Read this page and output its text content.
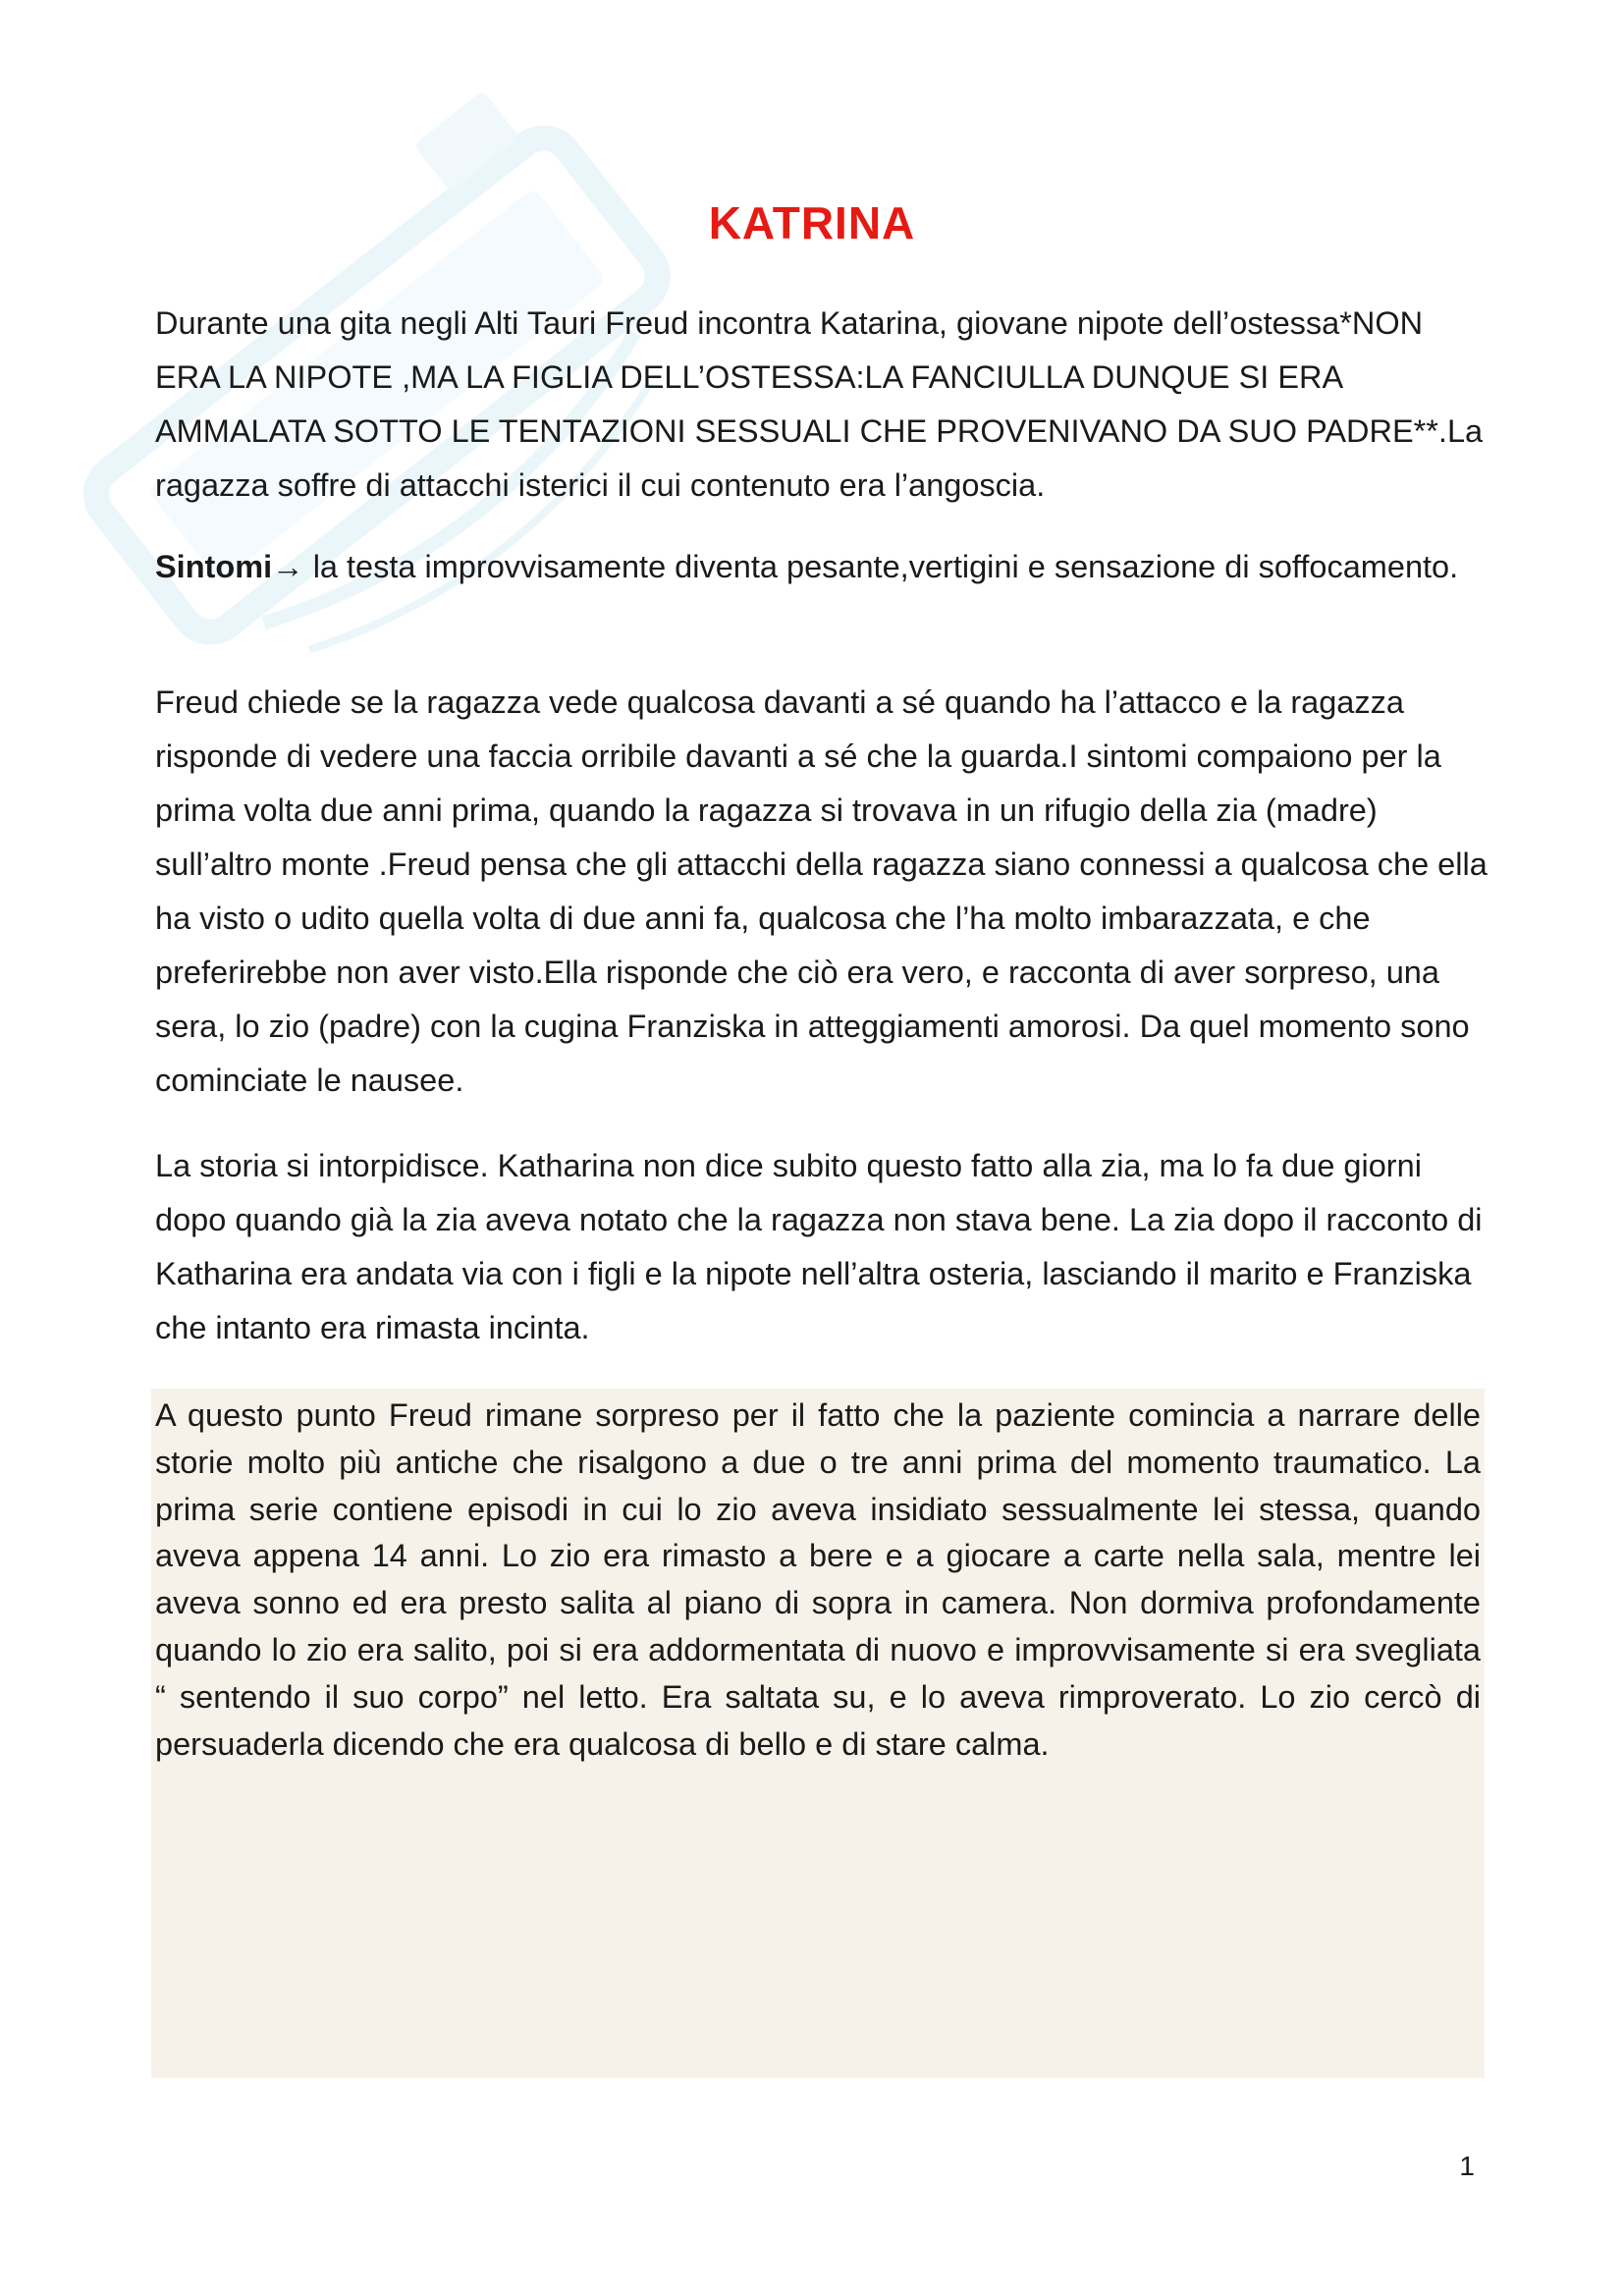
KATRINA

Durante una gita negli Alti Tauri Freud incontra Katarina, giovane nipote dell’ostessa*NON ERA LA NIPOTE ,MA LA FIGLIA DELL’OSTESSA:LA FANCIULLA DUNQUE SI ERA AMMALATA SOTTO LE TENTAZIONI SESSUALI CHE PROVENIVANO DA SUO PADRE**.La ragazza soffre di attacchi isterici il cui contenuto era l’angoscia.

Sintomi→ la testa improvvisamente diventa pesante,vertigini e sensazione di soffocamento.

Freud chiede se la ragazza vede qualcosa davanti a sé quando ha l’attacco e la ragazza risponde di vedere una faccia orribile davanti a sé che la guarda.I sintomi compaiono per la prima volta due anni prima, quando la ragazza si trovava in un rifugio della zia (madre) sull’altro monte .Freud pensa che gli attacchi della ragazza siano connessi a qualcosa che ella ha visto o udito quella volta di due anni fa, qualcosa che l’ha molto imbarazzata, e che preferirebbe non aver visto.Ella risponde che ciò era vero, e racconta di aver sorpreso, una sera, lo zio (padre) con la cugina Franziska in atteggiamenti amorosi. Da quel momento sono cominciate le nausee.

La storia si intorpidisce. Katharina non dice subito questo fatto alla zia, ma lo fa due giorni dopo quando già la zia aveva notato che la ragazza non stava bene. La zia dopo il racconto di Katharina era andata via con i figli e la nipote nell’altra osteria, lasciando il marito e Franziska che intanto era rimasta incinta.

A questo punto Freud rimane sorpreso per il fatto che la paziente comincia a narrare delle storie molto più antiche che risalgono a due o tre anni prima del momento traumatico. La prima serie contiene episodi in cui lo zio aveva insidiato sessualmente lei stessa, quando aveva appena 14 anni. Lo zio era rimasto a bere e a giocare a carte nella sala, mentre lei aveva sonno ed era presto salita al piano di sopra in camera. Non dormiva profondamente quando lo zio era salito, poi si era addormentata di nuovo e improvvisamente si era svegliata “ sentendo il suo corpo” nel letto. Era saltata su, e lo aveva rimproverato. Lo zio cercò di persuaderla dicendo che era qualcosa di bello e di stare calma.

1
